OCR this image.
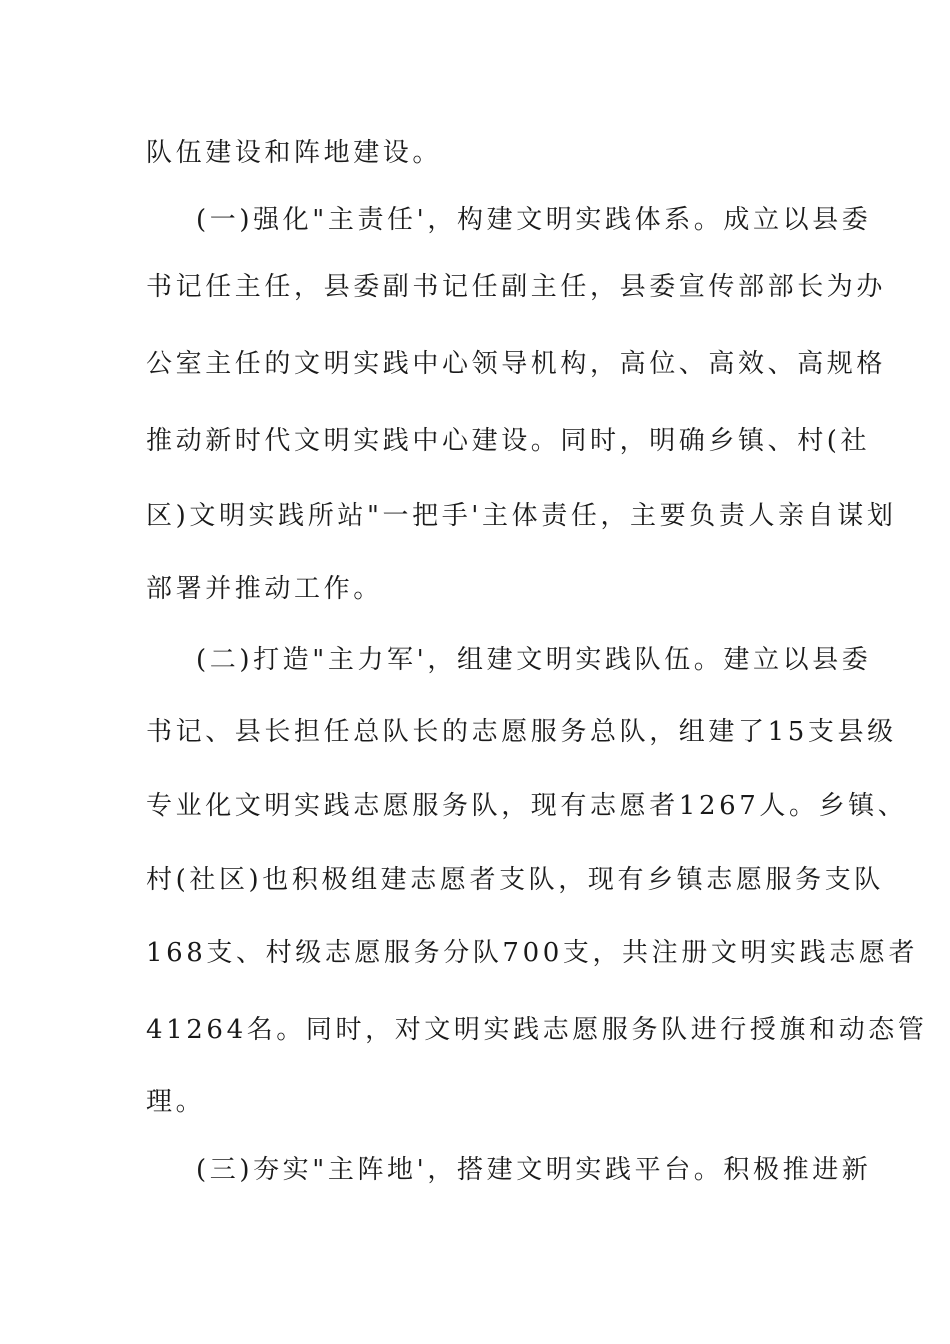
队伍建设和阵地建设。
(一)强化"主责任'，构建文明实践体系。成立以县委
书记任主任，县委副书记任副主任，县委宣传部部长为办
公室主任的文明实践中心领导机构，高位、高效、高规格
推动新时代文明实践中心建设。同时，明确乡镇、村(社
区)文明实践所站"一把手'主体责任，主要负责人亲自谋划
部署并推动工作。
(二)打造"主力军'，组建文明实践队伍。建立以县委
书记、县长担任总队长的志愿服务总队，组建了15支县级
专业化文明实践志愿服务队，现有志愿者1267人。乡镇、
村(社区)也积极组建志愿者支队，现有乡镇志愿服务支队
168支、村级志愿服务分队700支，共注册文明实践志愿者
41264名。同时，对文明实践志愿服务队进行授旗和动态管
理。
(三)夯实"主阵地'，搭建文明实践平台。积极推进新
